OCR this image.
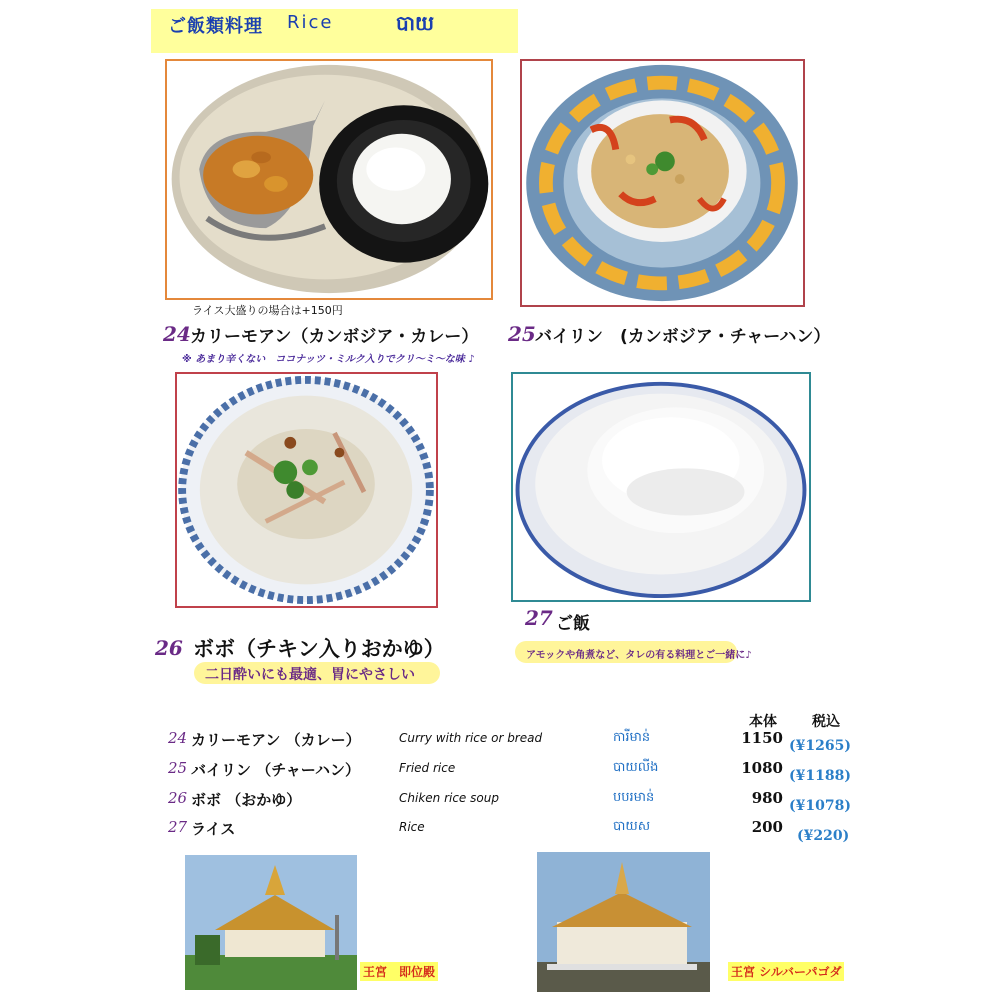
ご飯類料理 Rice	បាយ
ライス大盛りの場合は+150円
24 カリーモアン（カンボジア・カレー）
※ あまり辛くない　ココナッツ・ミルク入りでクリ～ミ～な味 ♪
25 バイリン　(カンボジア・チャーハン）
26 ボボ（チキン入りおかゆ）
二日酔いにも最適、胃にやさしい
27 ご飯
アモックや角煮など、タレの有る料理とご一緒に♪
本体	税込
24 カリーモアン （カレー）	Curry with rice or bread	ការីមាន់	1150 (¥1265)
25 バイリン （チャーハン）	Fried rice	បាយលីង	1080 (¥1188)
26 ボボ （おかゆ）	Chiken rice soup	បបរមាន់	980 (¥1078)
27 ライス	Rice	បាយស	200 (¥220)
王宮　即位殿	王宮 シルバーパゴダ
